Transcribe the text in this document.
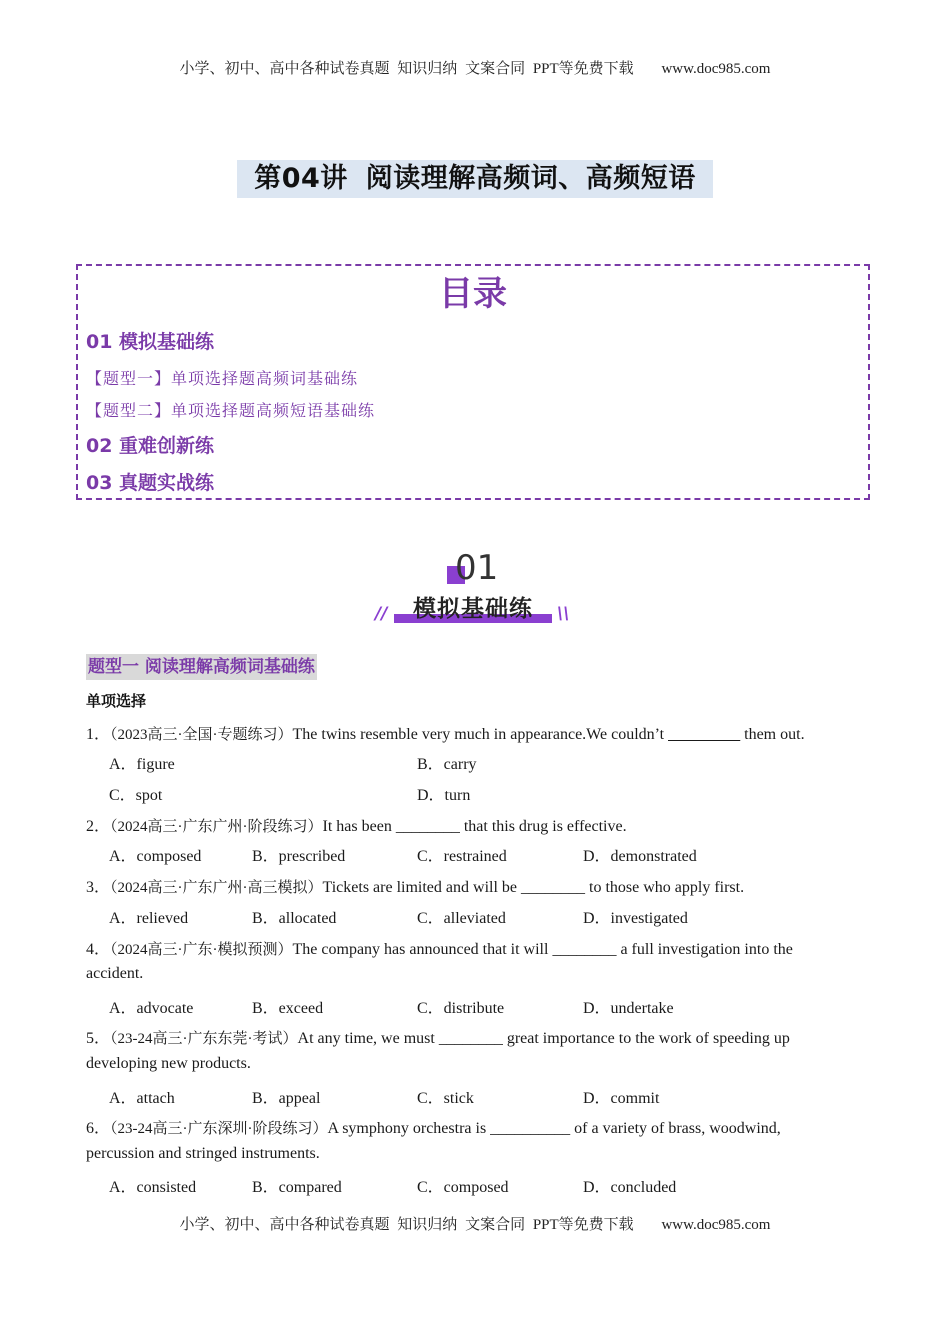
小学、初中、高中各种试卷真题 知识归纳 文案合同 PPT等免费下载 www.doc985.com
第04讲 阅读理解高频词、高频短语
目录
01 模拟基础练
【题型一】单项选择题高频词基础练
【题型二】单项选择题高频短语基础练
02 重难创新练
03 真题实战练
01
模拟基础练
//	\\
题型一 阅读理解高频词基础练
单项选择
1．（2023高三·全国·专题练习）The twins resemble very much in appearance.We couldn’t _________ them out.
A．figure	B．carry
C．spot	D．turn
2．（2024高三·广东广州·阶段练习）It has been ________ that this drug is effective.
A．composed	B．prescribed	C．restrained	D．demonstrated
3．（2024高三·广东广州·高三模拟）Tickets are limited and will be ________ to those who apply first.
A．relieved	B．allocated	C．alleviated	D．investigated
4．（2024高三·广东·模拟预测）The company has announced that it will ________ a full investigation into the
accident.
A．advocate	B．exceed	C．distribute	D．undertake
5．（23-24高三·广东东莞·考试）At any time, we must ________ great importance to the work of speeding up
developing new products.
A．attach	B．appeal	C．stick	D．commit
6．（23-24高三·广东深圳·阶段练习）A symphony orchestra is __________ of a variety of brass, woodwind,
percussion and stringed instruments.
A．consisted	B．compared	C．composed	D．concluded
小学、初中、高中各种试卷真题 知识归纳 文案合同 PPT等免费下载 www.doc985.com
